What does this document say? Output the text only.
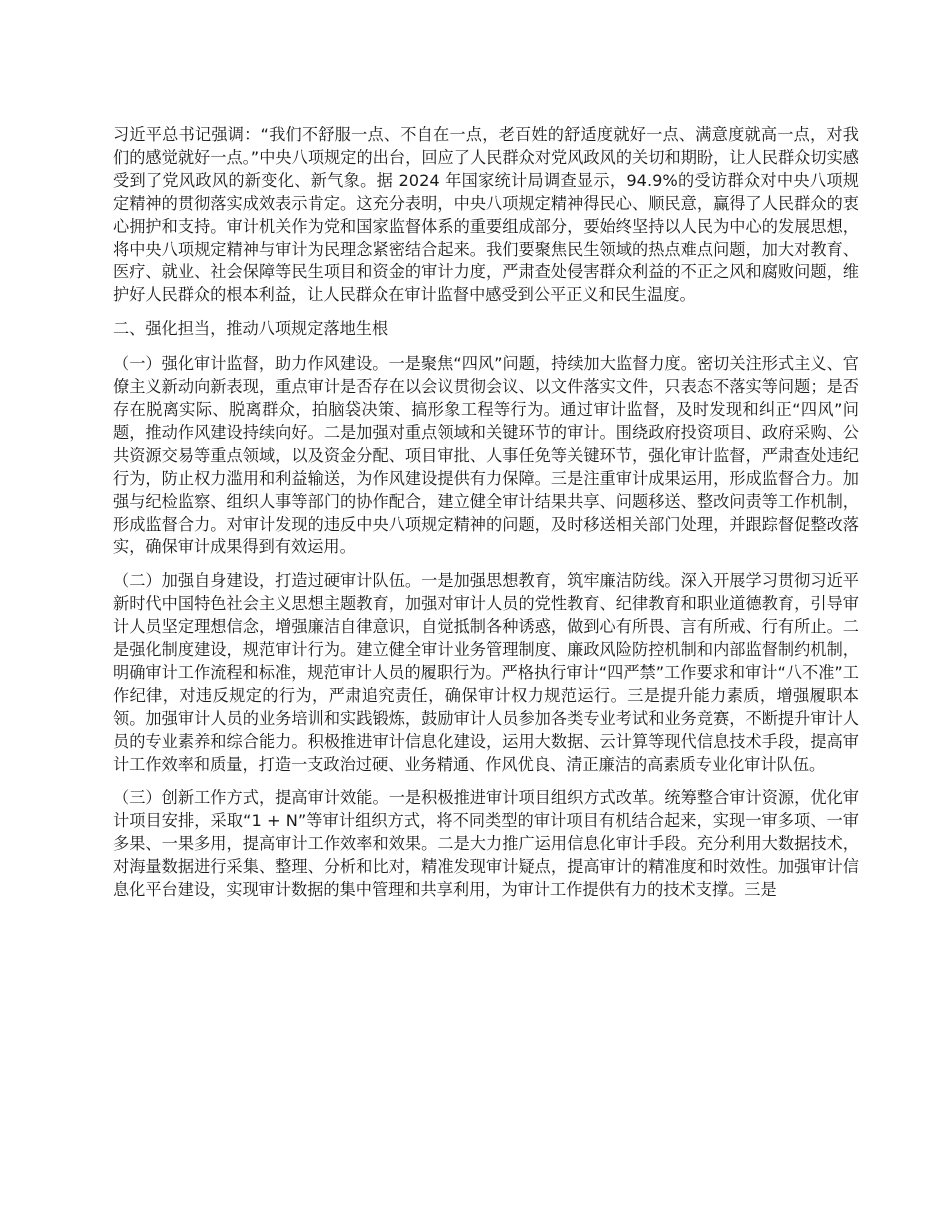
习近平总书记强调：“我们不舒服一点、不自在一点，老百姓的舒适度就好一点、满意度就高一点，对我们的感觉就好一点。”中央八项规定的出台，回应了人民群众对党风政风的关切和期盼，让人民群众切实感受到了党风政风的新变化、新气象。据 2024 年国家统计局调查显示，94.9%的受访群众对中央八项规定精神的贯彻落实成效表示肯定。这充分表明，中央八项规定精神得民心、顺民意，赢得了人民群众的衷心拥护和支持。审计机关作为党和国家监督体系的重要组成部分，要始终坚持以人民为中心的发展思想，将中央八项规定精神与审计为民理念紧密结合起来。我们要聚焦民生领域的热点难点问题，加大对教育、医疗、就业、社会保障等民生项目和资金的审计力度，严肃查处侵害群众利益的不正之风和腐败问题，维护好人民群众的根本利益，让人民群众在审计监督中感受到公平正义和民生温度。

二、强化担当，推动八项规定落地生根

（一）强化审计监督，助力作风建设。一是聚焦“四风”问题，持续加大监督力度。密切关注形式主义、官僚主义新动向新表现，重点审计是否存在以会议贯彻会议、以文件落实文件，只表态不落实等问题；是否存在脱离实际、脱离群众，拍脑袋决策、搞形象工程等行为。通过审计监督，及时发现和纠正“四风”问题，推动作风建设持续向好。二是加强对重点领域和关键环节的审计。围绕政府投资项目、政府采购、公共资源交易等重点领域，以及资金分配、项目审批、人事任免等关键环节，强化审计监督，严肃查处违纪行为，防止权力滥用和利益输送，为作风建设提供有力保障。三是注重审计成果运用，形成监督合力。加强与纪检监察、组织人事等部门的协作配合，建立健全审计结果共享、问题移送、整改问责等工作机制，形成监督合力。对审计发现的违反中央八项规定精神的问题，及时移送相关部门处理，并跟踪督促整改落实，确保审计成果得到有效运用。

（二）加强自身建设，打造过硬审计队伍。一是加强思想教育，筑牢廉洁防线。深入开展学习贯彻习近平新时代中国特色社会主义思想主题教育，加强对审计人员的党性教育、纪律教育和职业道德教育，引导审计人员坚定理想信念，增强廉洁自律意识，自觉抵制各种诱惑，做到心有所畏、言有所戒、行有所止。二是强化制度建设，规范审计行为。建立健全审计业务管理制度、廉政风险防控机制和内部监督制约机制，明确审计工作流程和标准，规范审计人员的履职行为。严格执行审计“四严禁”工作要求和审计“八不准”工作纪律，对违反规定的行为，严肃追究责任，确保审计权力规范运行。三是提升能力素质，增强履职本领。加强审计人员的业务培训和实践锻炼，鼓励审计人员参加各类专业考试和业务竞赛，不断提升审计人员的专业素养和综合能力。积极推进审计信息化建设，运用大数据、云计算等现代信息技术手段，提高审计工作效率和质量，打造一支政治过硬、业务精通、作风优良、清正廉洁的高素质专业化审计队伍。

（三）创新工作方式，提高审计效能。一是积极推进审计项目组织方式改革。统筹整合审计资源，优化审计项目安排，采取“1 + N”等审计组织方式，将不同类型的审计项目有机结合起来，实现一审多项、一审多果、一果多用，提高审计工作效率和效果。二是大力推广运用信息化审计手段。充分利用大数据技术，对海量数据进行采集、整理、分析和比对，精准发现审计疑点，提高审计的精准度和时效性。加强审计信息化平台建设，实现审计数据的集中管理和共享利用，为审计工作提供有力的技术支撑。三是
